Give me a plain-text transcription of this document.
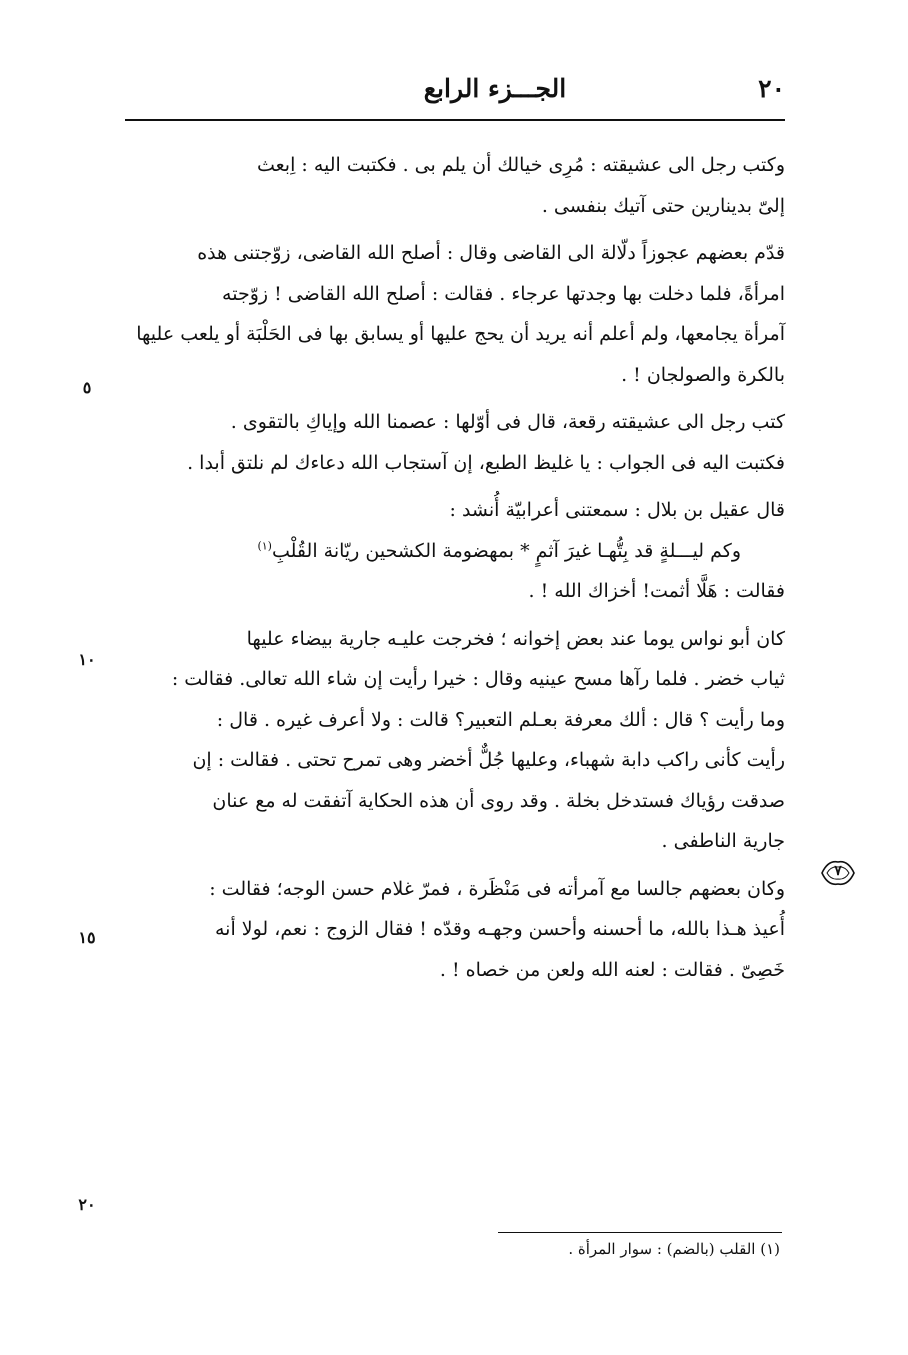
٢٠
الجـــزء الرابع

وكتب رجل الى عشيقته : مُرِى خيالك أن يلم بى . فكتبت اليه : اِبعث
إلىّ بدينارين حتى آتيك بنفسى .

قدّم بعضهم عجوزاً دلّالة الى القاضى وقال : أصلح الله القاضى، زوّجتنى هذه
امرأةً، فلما دخلت بها وجدتها عرجاء . فقالت : أصلح الله القاضى ! زوّجته
آمرأة يجامعها، ولم أعلم أنه يريد أن يحج عليها أو يسابق بها فى الحَلْبَة أو يلعب عليها
بالكرة والصولجان ! .

كتب رجل الى عشيقته رقعة، قال فى أوّلها : عصمنا الله وإياكِ بالتقوى .
فكتبت اليه فى الجواب : يا غليظ الطبع، إن آستجاب الله دعاءك لم نلتق أبدا .

قال عقيل بن بلال : سمعتنى أعرابيّة أُنشد :
وكم ليـــلةٍ قد بِتُّهـا غيرَ آثمٍ * بمهضومة الكشحين ريّانة القُلْبِ$^{(١)}$
فقالت : هَلَّا أثمت! أخزاك الله ! .

كان أبو نواس يوما عند بعض إخوانه ؛ فخرجت عليـه جارية بيضاء عليها
ثياب خضر . فلما رآها مسح عينيه وقال : خيرا رأيت إن شاء الله تعالى. فقالت :
وما رأيت ؟ قال : ألك معرفة بعـلم التعبير؟ قالت : ولا أعرف غيره . قال :
رأيت كأنى راكب دابة شهباء، وعليها جُلٌّ أخضر وهى تمرح تحتى . فقالت : إن
صدقت رؤياك فستدخل بخلة . وقد روى أن هذه الحكاية آتفقت له مع عنان
جارية الناطفى .

وكان بعضهم جالسا مع آمرأته فى مَنْظَرة ، فمرّ غلام حسن الوجه؛ فقالت :
أُعيذ هـذا بالله، ما أحسنه وأحسن وجهـه وقدّه ! فقال الزوج : نعم، لولا أنه
خَصِىّ . فقالت : لعنه الله ولعن من خصاه ! .

٥
١٠
١٥
٢٠
٧
(١) القلب (بالضم) : سوار المرأة .
